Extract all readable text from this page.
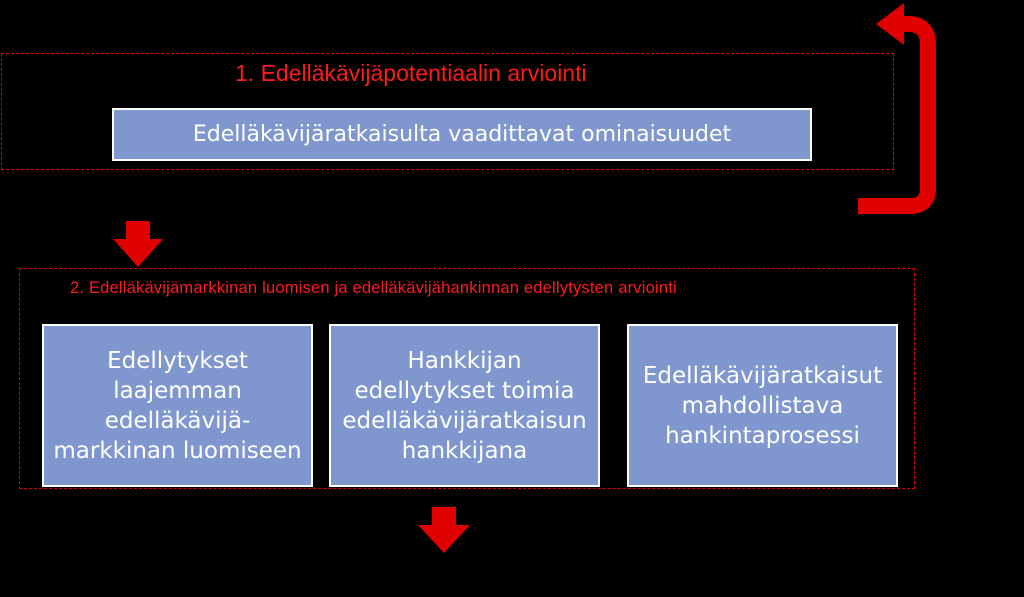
1. Edelläkävijäpotentiaalin arviointi
Edelläkävijäratkaisulta vaadittavat ominaisuudet
2. Edelläkävijämarkkinan luomisen ja edelläkävijähankinnan edellytysten arviointi
Edellytykset laajemman edelläkävijä-markkinan luomiseen
Hankkijan edellytykset toimia edelläkävijäratkaisun hankkijana
Edelläkävijäratkaisut mahdollistava hankintaprosessi
